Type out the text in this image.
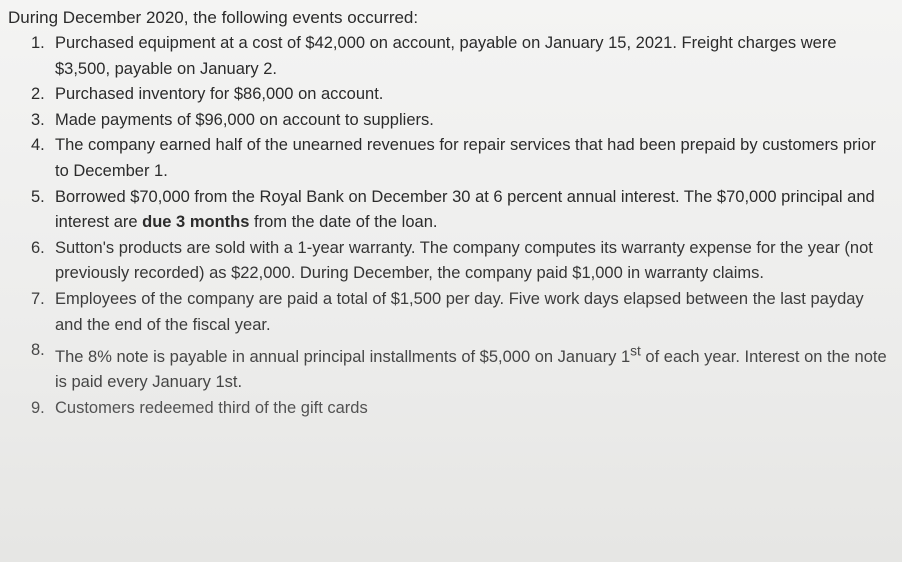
During December 2020, the following events occurred:

1. Purchased equipment at a cost of $42,000 on account, payable on January 15, 2021. Freight charges were $3,500, payable on January 2.
2. Purchased inventory for $86,000 on account.
3. Made payments of $96,000 on account to suppliers.
4. The company earned half of the unearned revenues for repair services that had been prepaid by customers prior to December 1.
5. Borrowed $70,000 from the Royal Bank on December 30 at 6 percent annual interest. The $70,000 principal and interest are due 3 months from the date of the loan.
6. Sutton's products are sold with a 1-year warranty. The company computes its warranty expense for the year (not previously recorded) as $22,000. During December, the company paid $1,000 in warranty claims.
7. Employees of the company are paid a total of $1,500 per day. Five work days elapsed between the last payday and the end of the fiscal year.
8. The 8% note is payable in annual principal installments of $5,000 on January 1st of each year. Interest on the note is paid every January 1st.
9. Customers redeemed third of the gift cards
